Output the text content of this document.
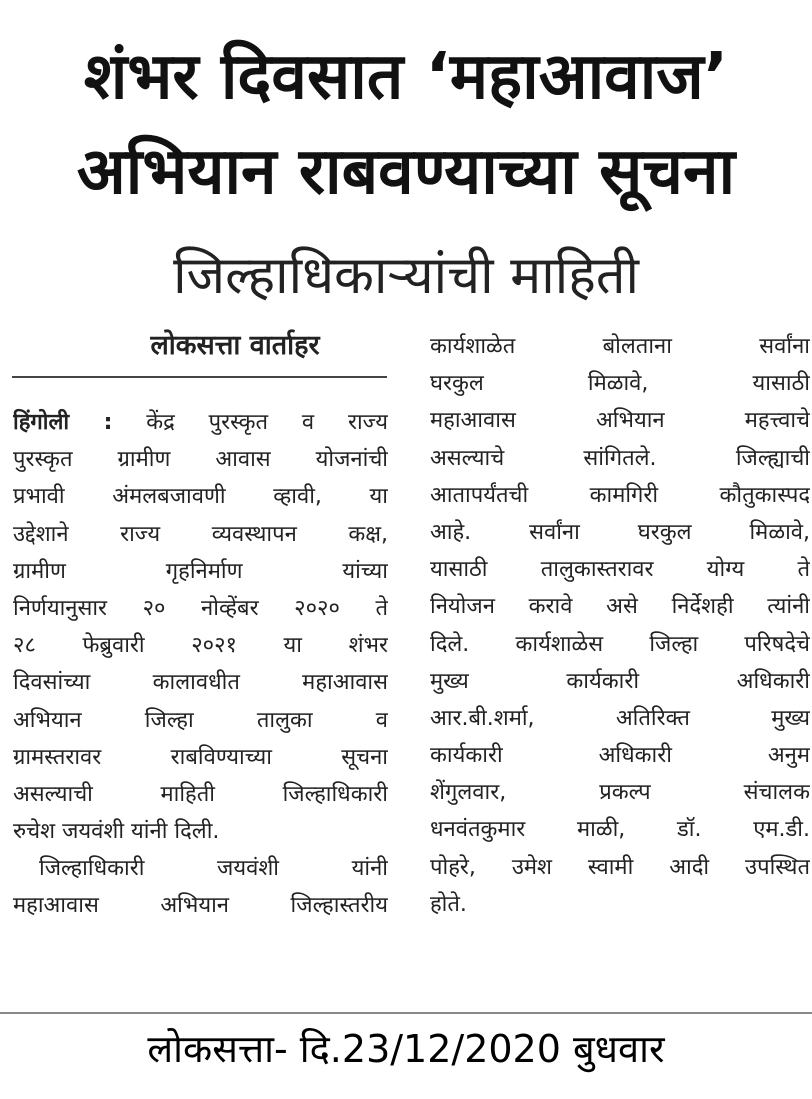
शंभर दिवसात ‘महाआवाज’
अभियान राबवण्याच्या सूचना
जिल्हाधिकाऱ्यांची माहिती
लोकसत्ता वार्ताहर
हिंगोली : केंद्र पुरस्कृत व राज्य
पुरस्कृत ग्रामीण आवास योजनांची
प्रभावी अंमलबजावणी व्हावी, या
उद्देशाने राज्य व्यवस्थापन कक्ष,
ग्रामीण गृहनिर्माण यांच्या
निर्णयानुसार २० नोव्हेंबर २०२० ते
२८ फेब्रुवारी २०२१ या शंभर
दिवसांच्या कालावधीत महाआवास
अभियान जिल्हा तालुका व
ग्रामस्तरावर राबविण्याच्या सूचना
असल्याची माहिती जिल्हाधिकारी
रुचेश जयवंशी यांनी दिली.
जिल्हाधिकारी जयवंशी यांनी
महाआवास अभियान जिल्हास्तरीय
कार्यशाळेत बोलताना सर्वांना
घरकुल मिळावे, यासाठी
महाआवास अभियान महत्त्वाचे
असल्याचे सांगितले. जिल्ह्याची
आतापर्यंतची कामगिरी कौतुकास्पद
आहे. सर्वांना घरकुल मिळावे,
यासाठी तालुकास्तरावर योग्य ते
नियोजन करावे असे निर्देशही त्यांनी
दिले. कार्यशाळेस जिल्हा परिषदेचे
मुख्य कार्यकारी अधिकारी
आर.बी.शर्मा, अतिरिक्त मुख्य
कार्यकारी अधिकारी अनुम
शेंगुलवार, प्रकल्प संचालक
धनवंतकुमार माळी, डॉ. एम.डी.
पोहरे, उमेश स्वामी आदी उपस्थित
होते.
लोकसत्ता- दि.23/12/2020 बुधवार
